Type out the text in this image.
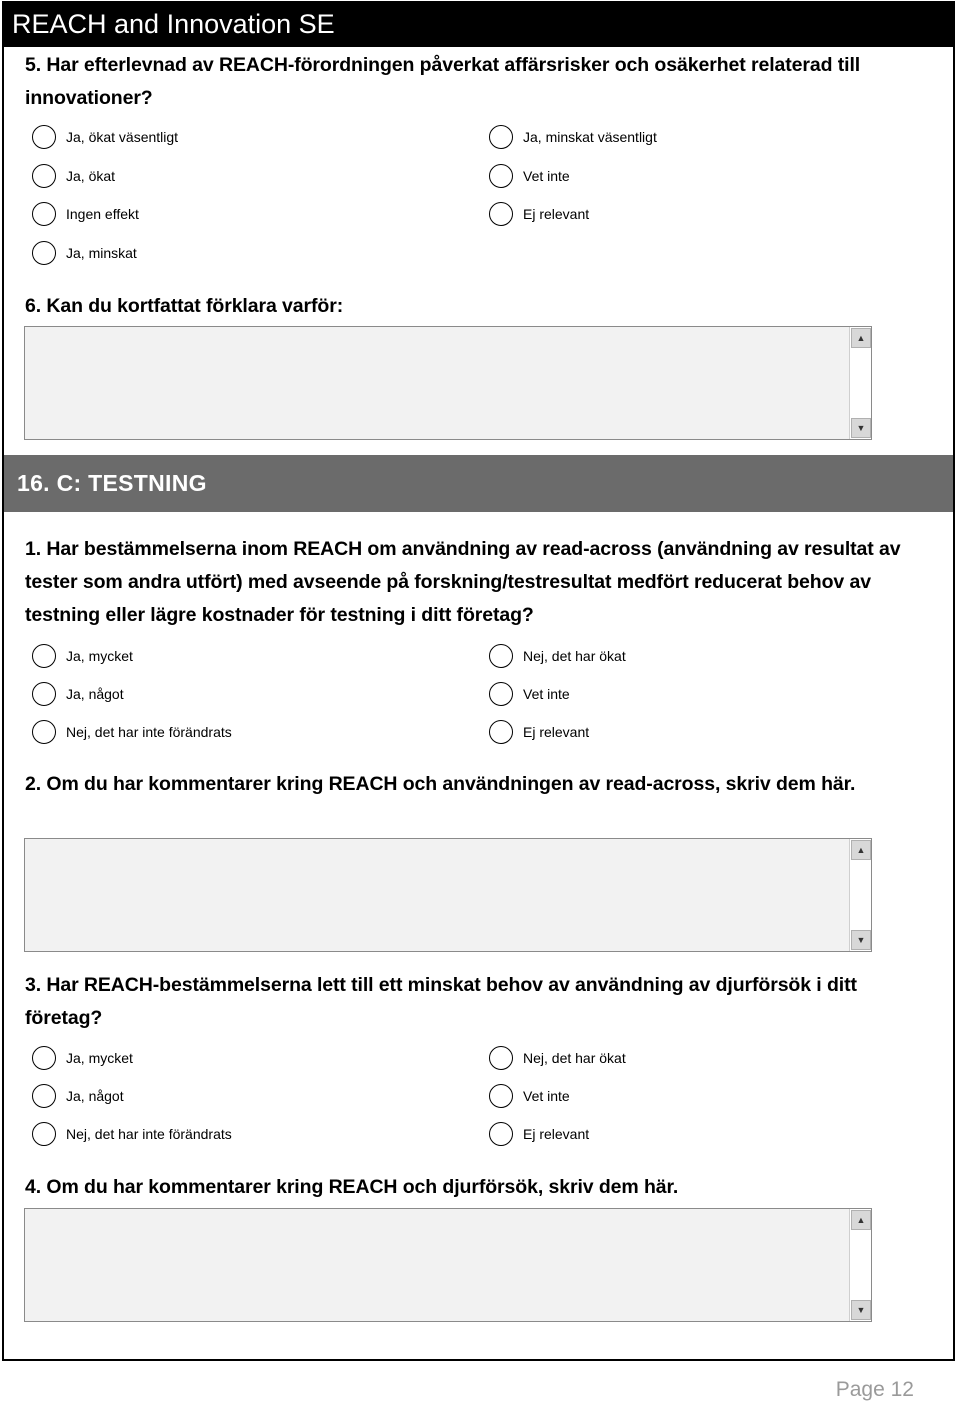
REACH and Innovation SE
5. Har efterlevnad av REACH-förordningen påverkat affärsrisker och osäkerhet relaterad till innovationer?
Ja, ökat väsentligt	Ja, minskat väsentligt
Ja, ökat	Vet inte
Ingen effekt	Ej relevant
Ja, minskat
6. Kan du kortfattat förklara varför:
▲
▼
16. C: TESTNING
1. Har bestämmelserna inom REACH om användning av read-across (användning av resultat av tester som andra utfört) med avseende på forskning/testresultat medfört reducerat behov av testning eller lägre kostnader för testning i ditt företag?
Ja, mycket	Nej, det har ökat
Ja, något	Vet inte
Nej, det har inte förändrats	Ej relevant
2. Om du har kommentarer kring REACH och användningen av read-across, skriv dem här.
▲
▼
3. Har REACH-bestämmelserna lett till ett minskat behov av användning av djurförsök i ditt företag?
Ja, mycket	Nej, det har ökat
Ja, något	Vet inte
Nej, det har inte förändrats	Ej relevant
4. Om du har kommentarer kring REACH och djurförsök, skriv dem här.
▲
▼
Page 12
